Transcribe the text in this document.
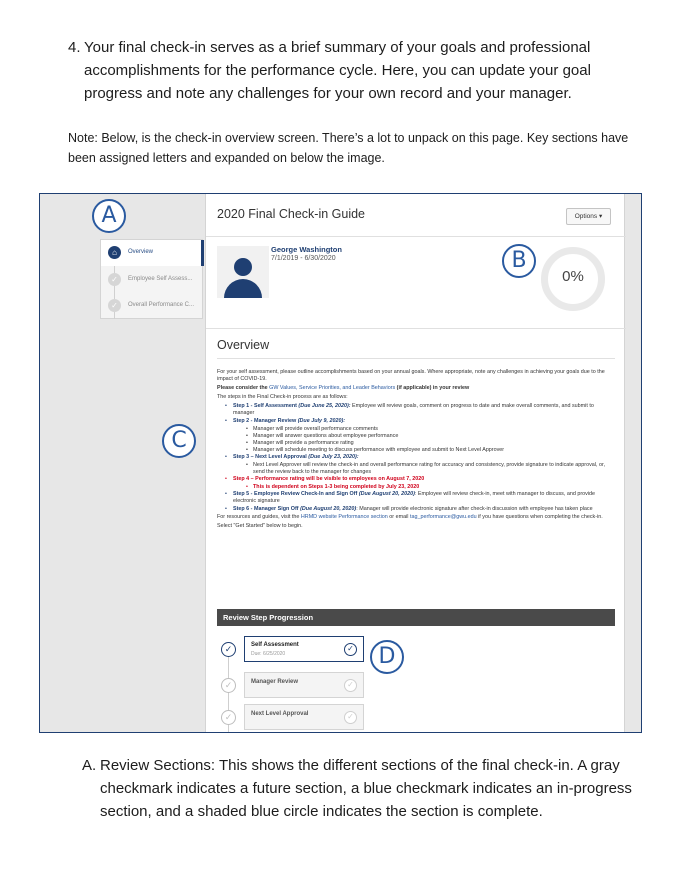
4. Your final check-in serves as a brief summary of your goals and professional accomplishments for the performance cycle. Here, you can update your goal progress and note any challenges for your own record and your manager.
Note: Below, is the check-in overview screen. There’s a lot to unpack on this page. Key sections have been assigned letters and expanded on below the image.
A
C
⌂	Overview
✓	Employee Self Assess...
✓	Overall Performance C...
2020 Final Check-in Guide	Options ▾
George Washington
7/1/2019 - 6/30/2020	B
0%
Overview

For your self assessment, please outline accomplishments based on your annual goals. Where appropriate, note any challenges in achieving your goals due to the impact of COVID-19.

Please consider the GW Values, Service Priorities, and Leader Behaviors (if applicable) in your review

The steps in the Final Check-in process are as follows:

• Step 1 - Self Assessment (Due June 25, 2020): Employee will review goals, comment on progress to date and make overall comments, and submit to manager
• Step 2 - Manager Review (Due July 9, 2020):
• Manager will provide overall performance comments
• Manager will answer questions about employee performance
• Manager will provide a performance rating
• Manager will schedule meeting to discuss performance with employee and submit to Next Level Approver
• Step 3 – Next Level Approval (Due July 23, 2020):
• Next Level Approver will review the check-in and overall performance rating for accuracy and consistency, provide signature to indicate approval, or, send the review back to the manager for changes
• Step 4 – Performance rating will be visible to employees on August 7, 2020
• This is dependent on Steps 1-3 being completed by July 23, 2020
• Step 5 - Employee Review Check-In and Sign Off (Due August 20, 2020): Employee will review check-in, meet with manager to discuss, and provide electronic signature
• Step 6 - Manager Sign Off (Due August 20, 2020): Manager will provide electronic signature after check-in discussion with employee has taken place

For resources and guides, visit the HRMD website Performance section or email tag_performance@gwu.edu if you have questions when completing the check-in.

Select "Get Started" below to begin.

Review Step Progression
✓	Self Assessment
Due: 6/25/2020
✓	D
✓	Manager Review	✓
✓	Next Level Approval	✓
A. Review Sections: This shows the different sections of the final check-in. A gray checkmark indicates a future section, a blue checkmark indicates an in-progress section, and a shaded blue circle indicates the section is complete.
